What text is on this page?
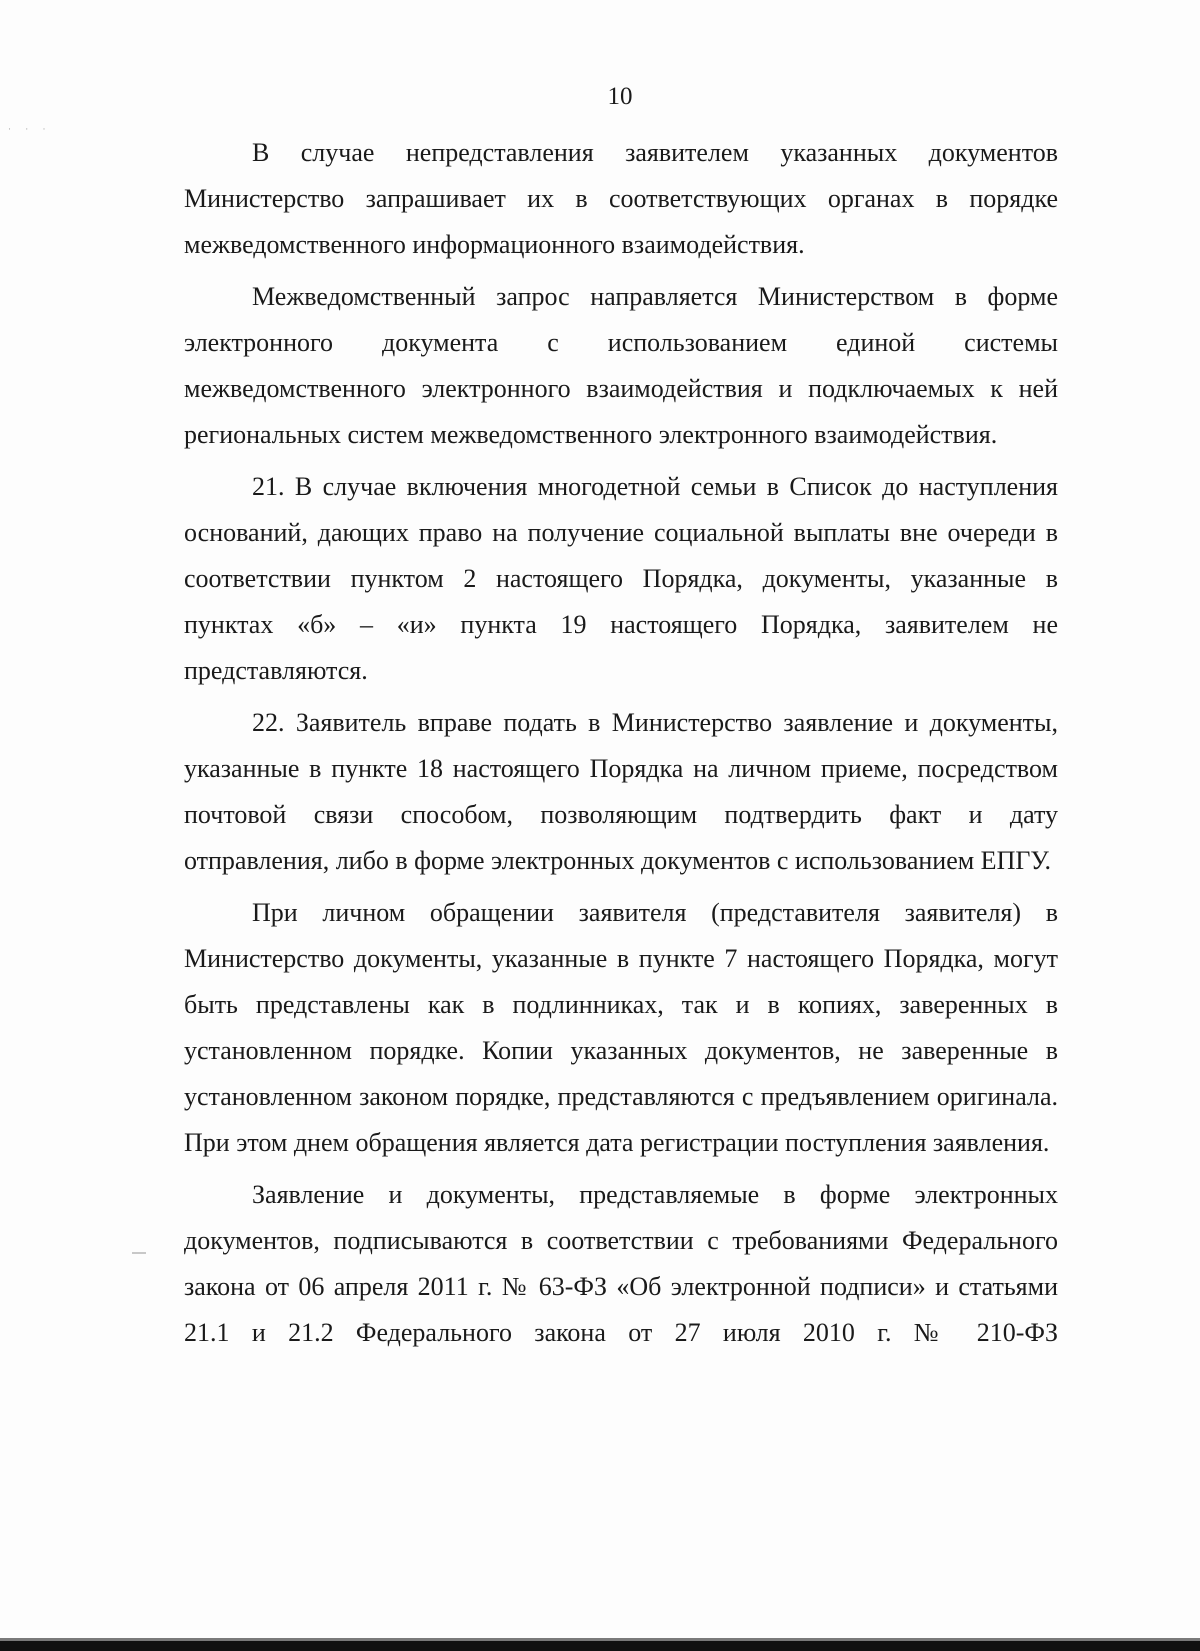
· · ·
10

В случае непредставления заявителем указанных документов Министерство запрашивает их в соответствующих органах в порядке межведомственного информационного взаимодействия.

Межведомственный запрос направляется Министерством в форме электронного документа с использованием единой системы межведомственного электронного взаимодействия и подключаемых к ней региональных систем межведомственного электронного взаимодействия.

21. В случае включения многодетной семьи в Список до наступления оснований, дающих право на получение социальной выплаты вне очереди в соответствии пунктом 2 настоящего Порядка, документы, указанные в пунктах «б» – «и» пункта 19 настоящего Порядка, заявителем не представляются.

22. Заявитель вправе подать в Министерство заявление и документы, указанные в пункте 18 настоящего Порядка на личном приеме, посредством почтовой связи способом, позволяющим подтвердить факт и дату отправления, либо в форме электронных документов с использованием ЕПГУ.

При личном обращении заявителя (представителя заявителя) в Министерство документы, указанные в пункте 7 настоящего Порядка, могут быть представлены как в подлинниках, так и в копиях, заверенных в установленном порядке. Копии указанных документов, не заверенные в установленном законом порядке, представляются с предъявлением оригинала. При этом днем обращения является дата регистрации поступления заявления.

Заявление и документы, представляемые в форме электронных документов, подписываются в соответствии с требованиями Федерального закона от 06 апреля 2011 г. № 63-ФЗ «Об электронной подписи» и статьями 21.1 и 21.2 Федерального закона от 27 июля 2010 г. № 210-ФЗ
